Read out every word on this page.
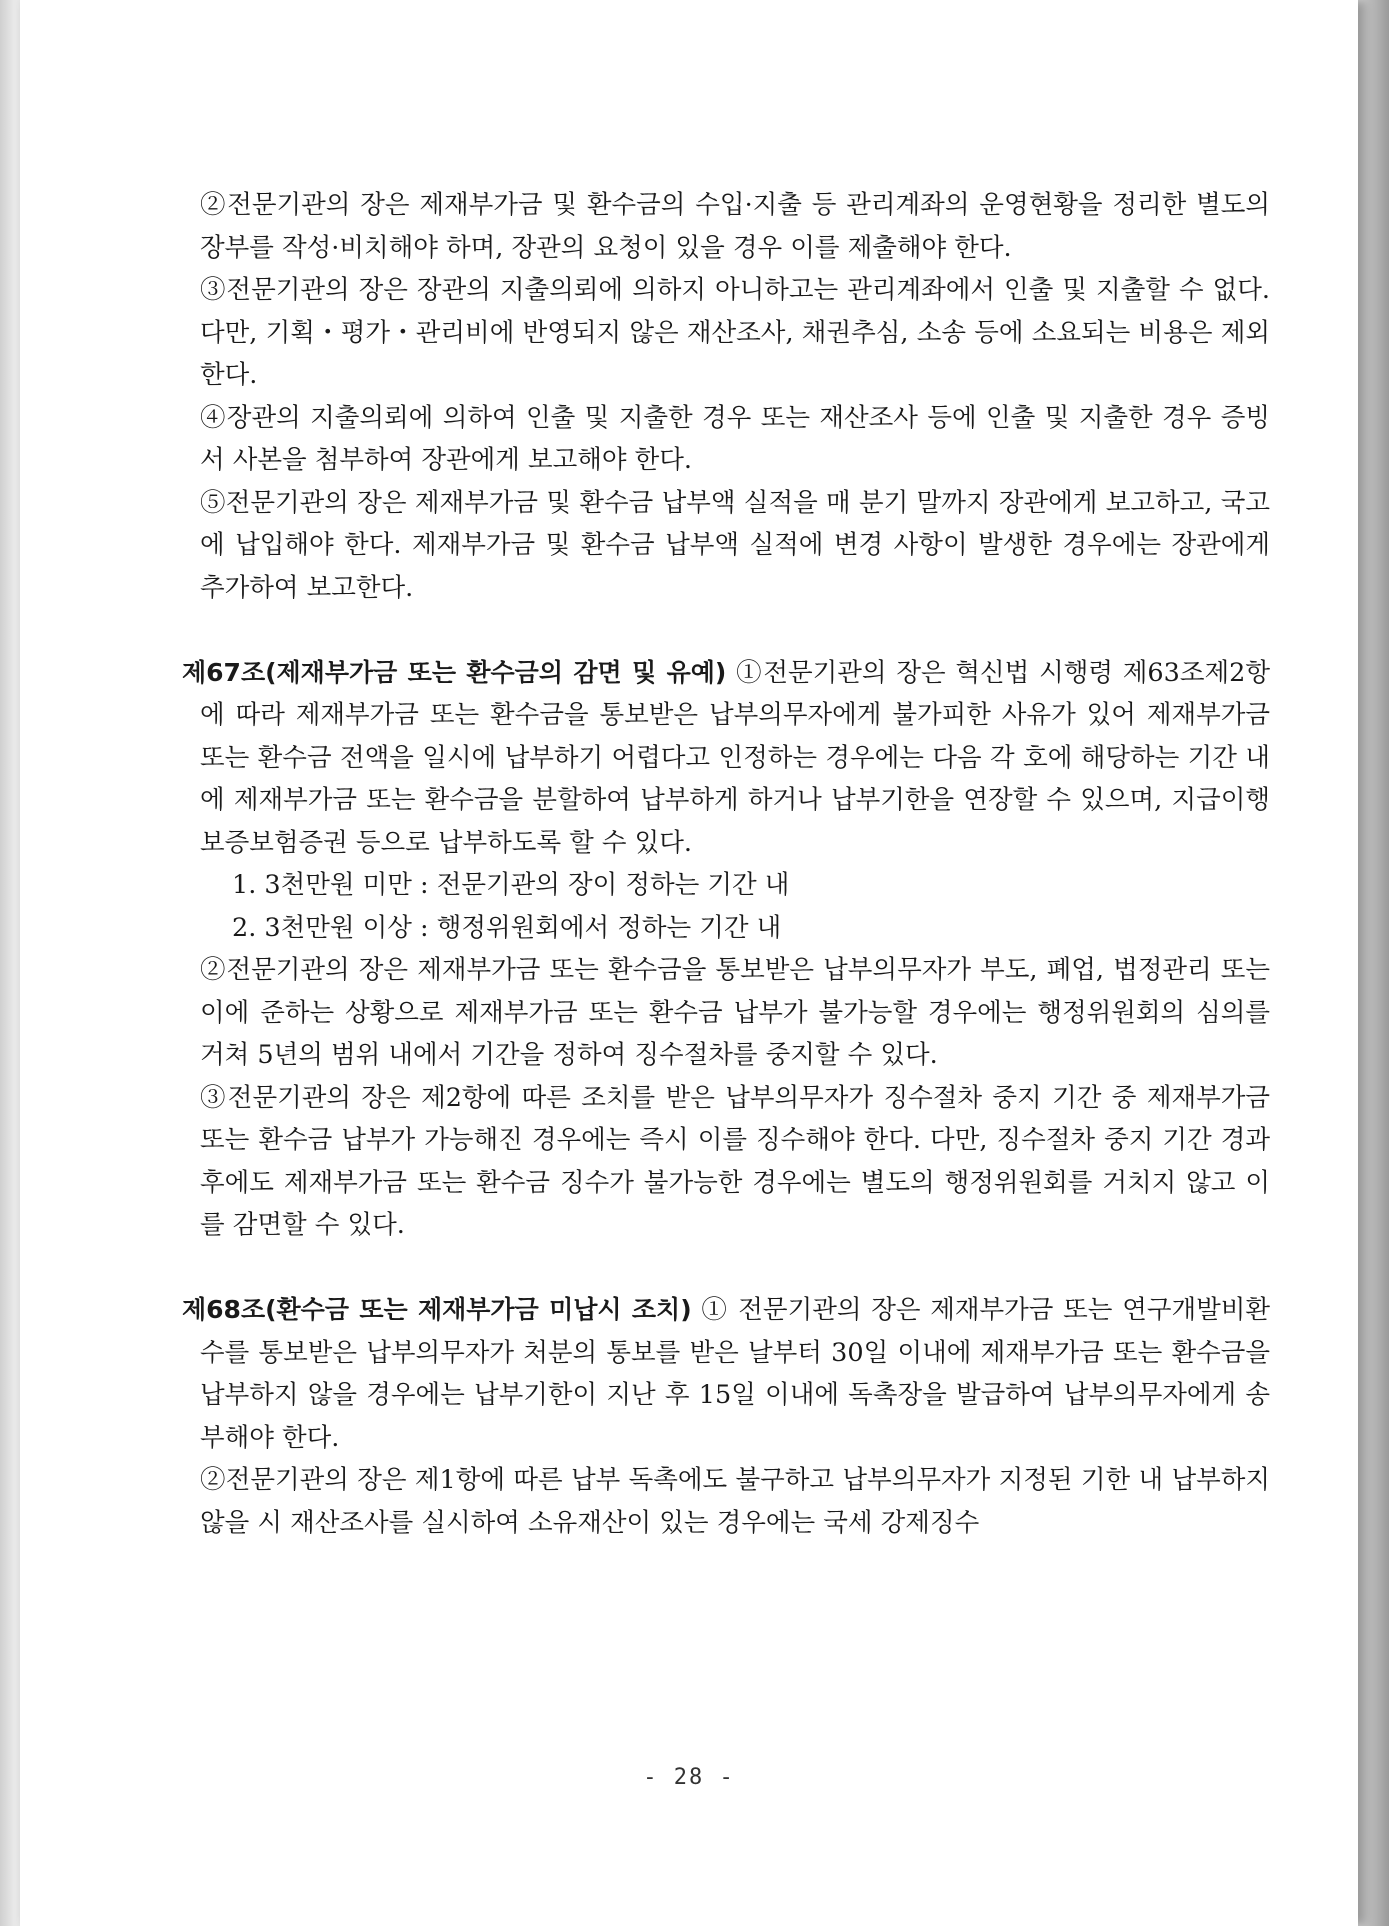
②전문기관의 장은 제재부가금 및 환수금의 수입·지출 등 관리계좌의 운영현황을 정리한 별도의 장부를 작성·비치해야 하며, 장관의 요청이 있을 경우 이를 제출해야 한다.

③전문기관의 장은 장관의 지출의뢰에 의하지 아니하고는 관리계좌에서 인출 및 지출할 수 없다. 다만, 기획・평가・관리비에 반영되지 않은 재산조사, 채권추심, 소송 등에 소요되는 비용은 제외한다.

④장관의 지출의뢰에 의하여 인출 및 지출한 경우 또는 재산조사 등에 인출 및 지출한 경우 증빙서 사본을 첨부하여 장관에게 보고해야 한다.

⑤전문기관의 장은 제재부가금 및 환수금 납부액 실적을 매 분기 말까지 장관에게 보고하고, 국고에 납입해야 한다. 제재부가금 및 환수금 납부액 실적에 변경 사항이 발생한 경우에는 장관에게 추가하여 보고한다.

제67조(제재부가금 또는 환수금의 감면 및 유예) ①전문기관의 장은 혁신법 시행령 제63조제2항에 따라 제재부가금 또는 환수금을 통보받은 납부의무자에게 불가피한 사유가 있어 제재부가금 또는 환수금 전액을 일시에 납부하기 어렵다고 인정하는 경우에는 다음 각 호에 해당하는 기간 내에 제재부가금 또는 환수금을 분할하여 납부하게 하거나 납부기한을 연장할 수 있으며, 지급이행보증보험증권 등으로 납부하도록 할 수 있다.

1. 3천만원 미만 : 전문기관의 장이 정하는 기간 내

2. 3천만원 이상 : 행정위원회에서 정하는 기간 내

②전문기관의 장은 제재부가금 또는 환수금을 통보받은 납부의무자가 부도, 폐업, 법정관리 또는 이에 준하는 상황으로 제재부가금 또는 환수금 납부가 불가능할 경우에는 행정위원회의 심의를 거쳐 5년의 범위 내에서 기간을 정하여 징수절차를 중지할 수 있다.

③전문기관의 장은 제2항에 따른 조치를 받은 납부의무자가 징수절차 중지 기간 중 제재부가금 또는 환수금 납부가 가능해진 경우에는 즉시 이를 징수해야 한다. 다만, 징수절차 중지 기간 경과 후에도 제재부가금 또는 환수금 징수가 불가능한 경우에는 별도의 행정위원회를 거치지 않고 이를 감면할 수 있다.

제68조(환수금 또는 제재부가금 미납시 조치) ① 전문기관의 장은 제재부가금 또는 연구개발비환수를 통보받은 납부의무자가 처분의 통보를 받은 날부터 30일 이내에 제재부가금 또는 환수금을 납부하지 않을 경우에는 납부기한이 지난 후 15일 이내에 독촉장을 발급하여 납부의무자에게 송부해야 한다.

②전문기관의 장은 제1항에 따른 납부 독촉에도 불구하고 납부의무자가 지정된 기한 내 납부하지 않을 시 재산조사를 실시하여 소유재산이 있는 경우에는 국세 강제징수

- 28 -
